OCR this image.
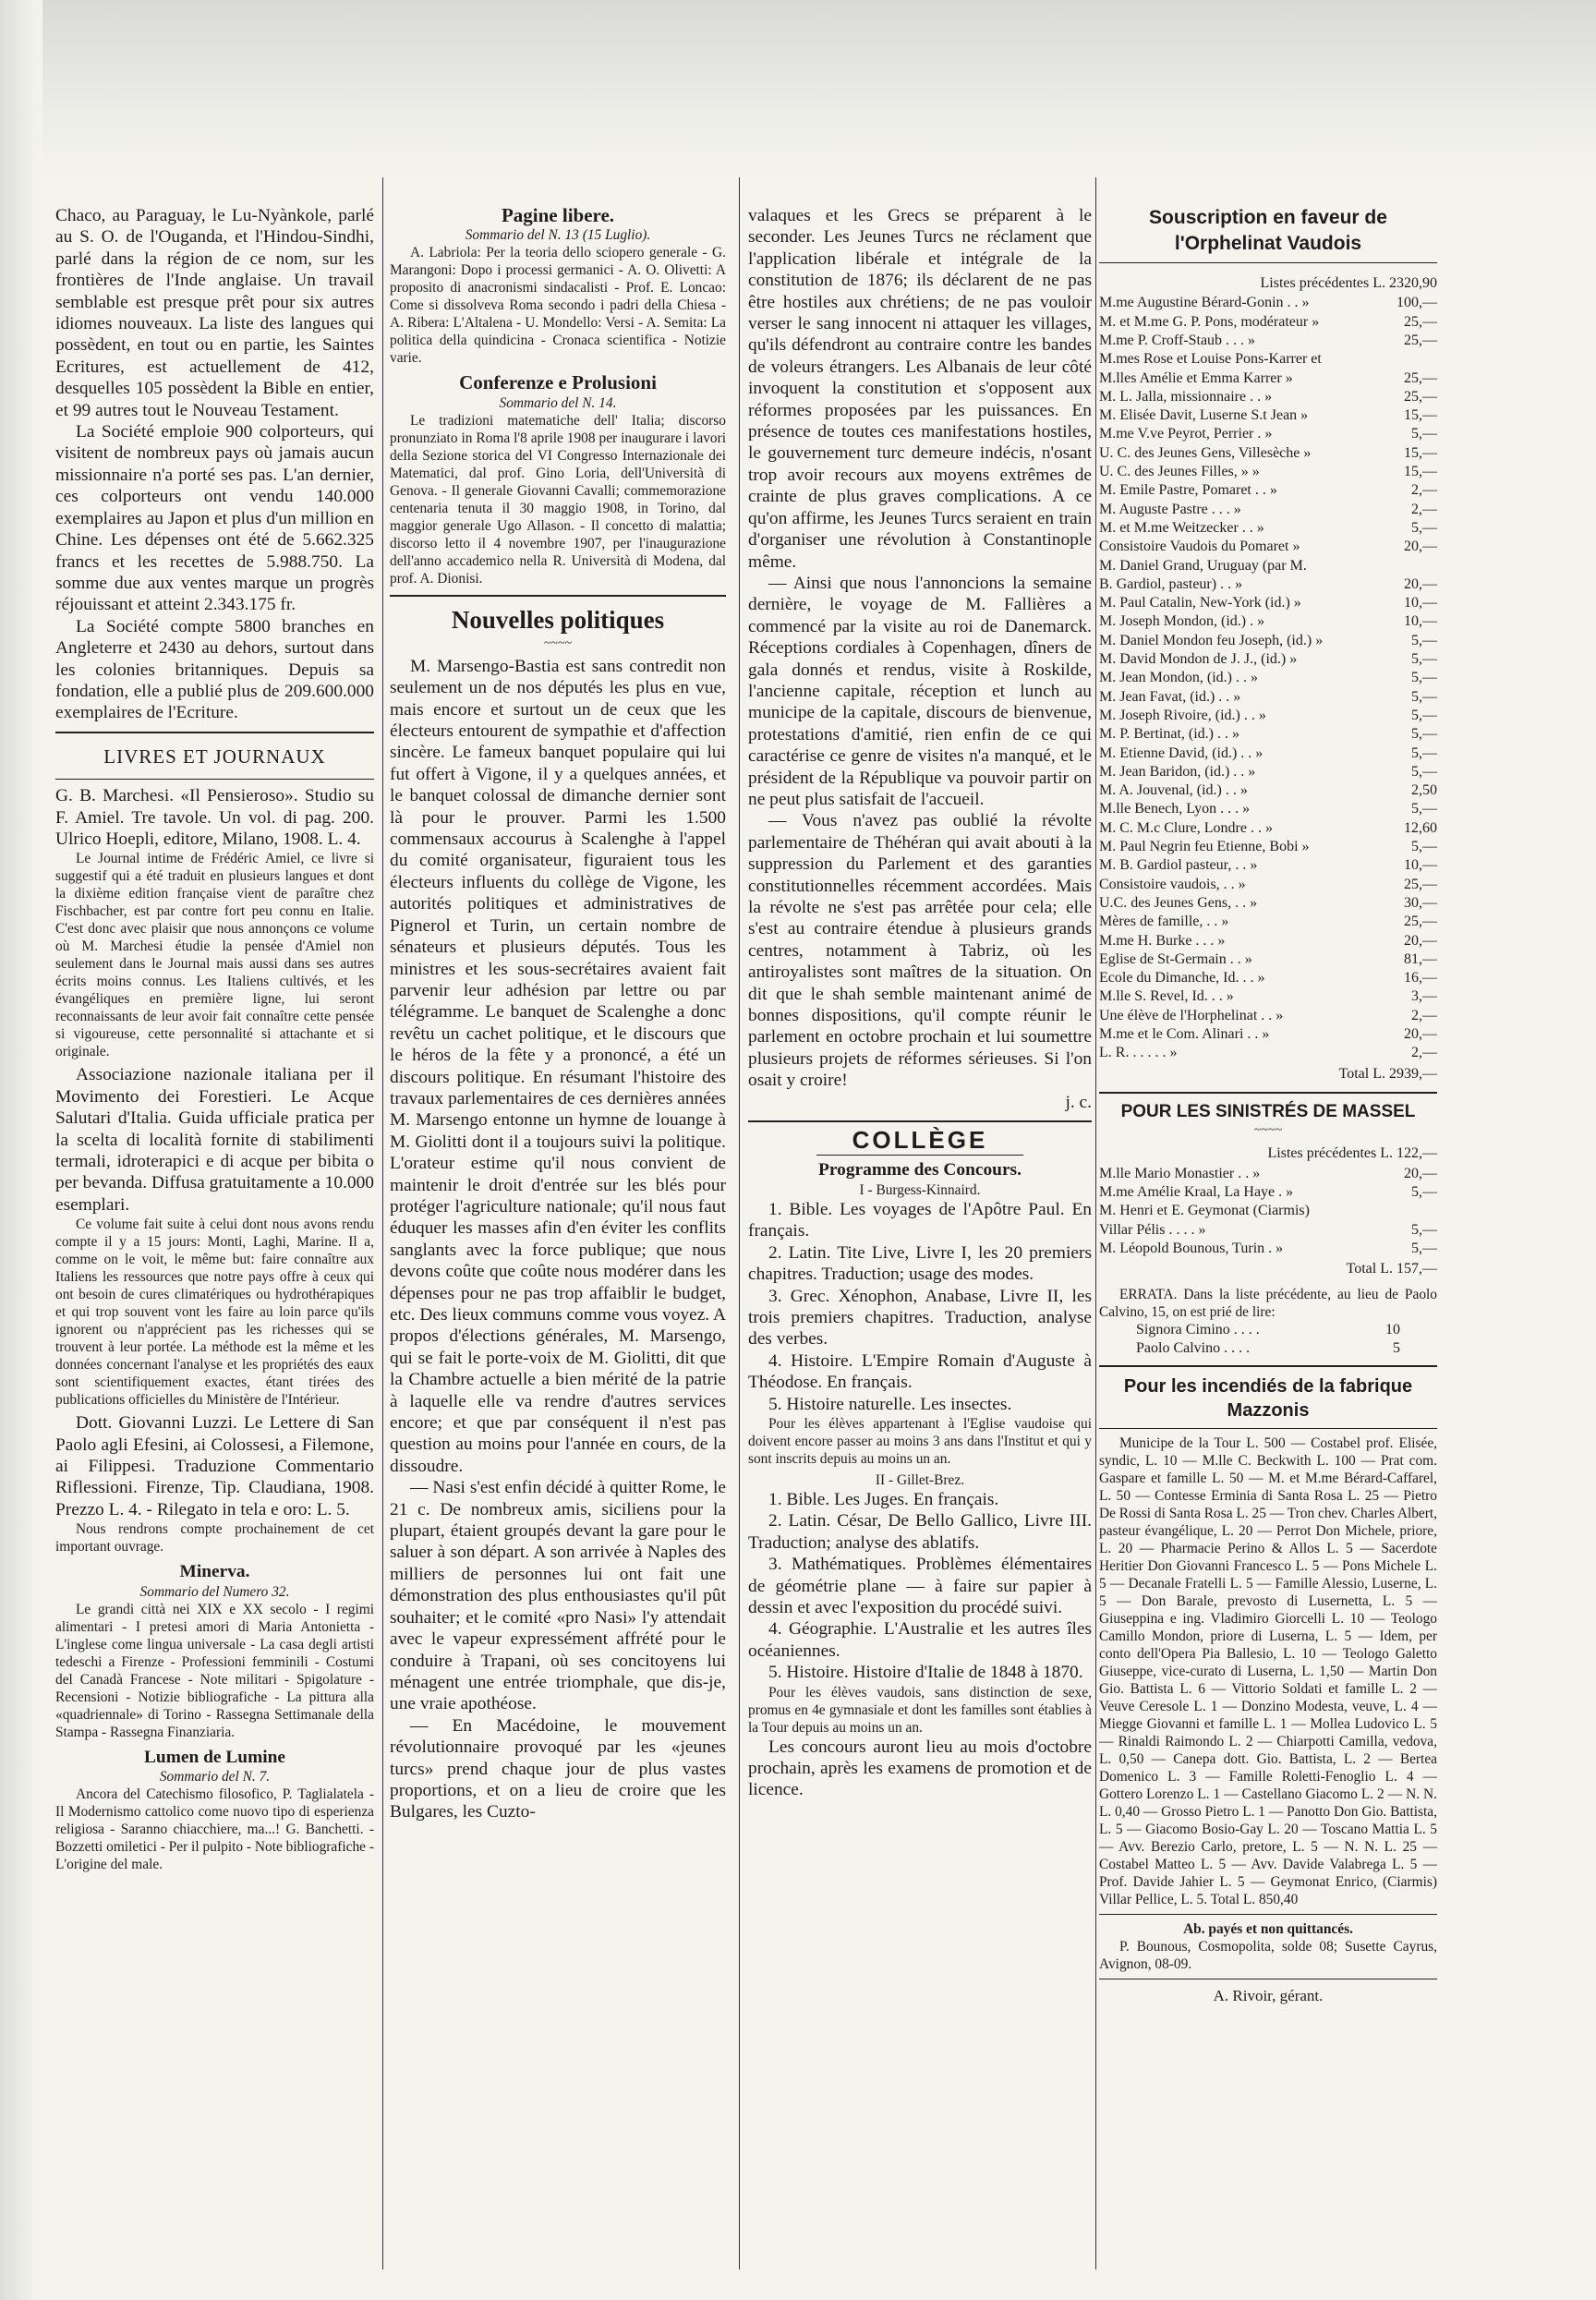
Chaco, au Paraguay, le Lu-Nyànkole, parlé au S. O. de l'Ouganda, et l'Hindou-Sindhi, parlé dans la région de ce nom, sur les frontières de l'Inde anglaise. Un travail semblable est presque prêt pour six autres idiomes nouveaux. La liste des langues qui possèdent, en tout ou en partie, les Saintes Ecritures, est actuellement de 412, desquelles 105 possèdent la Bible en entier, et 99 autres tout le Nouveau Testament.

La Société emploie 900 colporteurs, qui visitent de nombreux pays où jamais aucun missionnaire n'a porté ses pas. L'an dernier, ces colporteurs ont vendu 140.000 exemplaires au Japon et plus d'un million en Chine. Les dépenses ont été de 5.662.325 francs et les recettes de 5.988.750. La somme due aux ventes marque un progrès réjouissant et atteint 2.343.175 fr.

La Société compte 5800 branches en Angleterre et 2430 au dehors, surtout dans les colonies britanniques. Depuis sa fondation, elle a publié plus de 209.600.000 exemplaires de l'Ecriture.

LIVRES ET JOURNAUX

G. B. Marchesi. «Il Pensieroso». Studio su F. Amiel. Tre tavole. Un vol. di pag. 200. Ulrico Hoepli, editore, Milano, 1908. L. 4.

Le Journal intime de Frédéric Amiel, ce livre si suggestif qui a été traduit en plusieurs langues et dont la dixième edition française vient de paraître chez Fischbacher, est par contre fort peu connu en Italie. C'est donc avec plaisir que nous annonçons ce volume où M. Marchesi étudie la pensée d'Amiel non seulement dans le Journal mais aussi dans ses autres écrits moins connus. Les Italiens cultivés, et les évangéliques en première ligne, lui seront reconnaissants de leur avoir fait connaître cette pensée si vigoureuse, cette personnalité si attachante et si originale.

Associazione nazionale italiana per il Movimento dei Forestieri. Le Acque Salutari d'Italia. Guida ufficiale pratica per la scelta di località fornite di stabilimenti termali, idroterapici e di acque per bibita o per bevanda. Diffusa gratuitamente a 10.000 esemplari.

Ce volume fait suite à celui dont nous avons rendu compte il y a 15 jours: Monti, Laghi, Marine. Il a, comme on le voit, le même but: faire connaître aux Italiens les ressources que notre pays offre à ceux qui ont besoin de cures climatériques ou hydrothérapiques et qui trop souvent vont les faire au loin parce qu'ils ignorent ou n'apprécient pas les richesses qui se trouvent à leur portée. La méthode est la même et les données concernant l'analyse et les propriétés des eaux sont scientifiquement exactes, étant tirées des publications officielles du Ministère de l'Intérieur.

Dott. Giovanni Luzzi. Le Lettere di San Paolo agli Efesini, ai Colossesi, a Filemone, ai Filippesi. Traduzione Commentario Riflessioni. Firenze, Tip. Claudiana, 1908. Prezzo L. 4. - Rilegato in tela e oro: L. 5.

Nous rendrons compte prochainement de cet important ouvrage.

Minerva.
Sommario del Numero 32.

Le grandi città nei XIX e XX secolo - I regimi alimentari - I pretesi amori di Maria Antonietta - L'inglese come lingua universale - La casa degli artisti tedeschi a Firenze - Professioni femminili - Costumi del Canadà Francese - Note militari - Spigolature - Recensioni - Notizie bibliografiche - La pittura alla «quadriennale» di Torino - Rassegna Settimanale della Stampa - Rassegna Finanziaria.

Lumen de Lumine
Sommario del N. 7.

Ancora del Catechismo filosofico, P. Taglialatela - Il Modernismo cattolico come nuovo tipo di esperienza religiosa - Saranno chiacchiere, ma...! G. Banchetti. - Bozzetti omiletici - Per il pulpito - Note bibliografiche - L'origine del male.

Pagine libere.
Sommario del N. 13 (15 Luglio).

A. Labriola: Per la teoria dello sciopero generale - G. Marangoni: Dopo i processi germanici - A. O. Olivetti: A proposito di anacronismi sindacalisti - Prof. E. Loncao: Come si dissolveva Roma secondo i padri della Chiesa - A. Ribera: L'Altalena - U. Mondello: Versi - A. Semita: La politica della quindicina - Cronaca scientifica - Notizie varie.

Conferenze e Prolusioni
Sommario del N. 14.

Le tradizioni matematiche dell' Italia; discorso pronunziato in Roma l'8 aprile 1908 per inaugurare i lavori della Sezione storica del VI Congresso Internazionale dei Matematici, dal prof. Gino Loria, dell'Università di Genova. - Il generale Giovanni Cavalli; commemorazione centenaria tenuta il 30 maggio 1908, in Torino, dal maggior generale Ugo Allason. - Il concetto di malattia; discorso letto il 4 novembre 1907, per l'inaugurazione dell'anno accademico nella R. Università di Modena, dal prof. A. Dionisi.

Nouvelles politiques
~~~~

M. Marsengo-Bastia est sans contredit non seulement un de nos députés les plus en vue, mais encore et surtout un de ceux que les électeurs entourent de sympathie et d'affection sincère. Le fameux banquet populaire qui lui fut offert à Vigone, il y a quelques années, et le banquet colossal de dimanche dernier sont là pour le prouver. Parmi les 1.500 commensaux accourus à Scalenghe à l'appel du comité organisateur, figuraient tous les électeurs influents du collège de Vigone, les autorités politiques et administratives de Pignerol et Turin, un certain nombre de sénateurs et plusieurs députés. Tous les ministres et les sous-secrétaires avaient fait parvenir leur adhésion par lettre ou par télégramme. Le banquet de Scalenghe a donc revêtu un cachet politique, et le discours que le héros de la fête y a prononcé, a été un discours politique. En résumant l'histoire des travaux parlementaires de ces dernières années M. Marsengo entonne un hymne de louange à M. Giolitti dont il a toujours suivi la politique. L'orateur estime qu'il nous convient de maintenir le droit d'entrée sur les blés pour protéger l'agriculture nationale; qu'il nous faut éduquer les masses afin d'en éviter les conflits sanglants avec la force publique; que nous devons coûte que coûte nous modérer dans les dépenses pour ne pas trop affaiblir le budget, etc. Des lieux communs comme vous voyez. A propos d'élections générales, M. Marsengo, qui se fait le porte-voix de M. Giolitti, dit que la Chambre actuelle a bien mérité de la patrie à laquelle elle va rendre d'autres services encore; et que par conséquent il n'est pas question au moins pour l'année en cours, de la dissoudre.

— Nasi s'est enfin décidé à quitter Rome, le 21 c. De nombreux amis, siciliens pour la plupart, étaient groupés devant la gare pour le saluer à son départ. A son arrivée à Naples des milliers de personnes lui ont fait une démonstration des plus enthousiastes qu'il pût souhaiter; et le comité «pro Nasi» l'y attendait avec le vapeur expressément affrété pour le conduire à Trapani, où ses concitoyens lui ménagent une entrée triomphale, que dis-je, une vraie apothéose.

— En Macédoine, le mouvement révolutionnaire provoqué par les «jeunes turcs» prend chaque jour de plus vastes proportions, et on a lieu de croire que les Bulgares, les Cuzto-

valaques et les Grecs se préparent à le seconder. Les Jeunes Turcs ne réclament que l'application libérale et intégrale de la constitution de 1876; ils déclarent de ne pas être hostiles aux chrétiens; de ne pas vouloir verser le sang innocent ni attaquer les villages, qu'ils défendront au contraire contre les bandes de voleurs étrangers. Les Albanais de leur côté invoquent la constitution et s'opposent aux réformes proposées par les puissances. En présence de toutes ces manifestations hostiles, le gouvernement turc demeure indécis, n'osant trop avoir recours aux moyens extrêmes de crainte de plus graves complications. A ce qu'on affirme, les Jeunes Turcs seraient en train d'organiser une révolution à Constantinople même.

— Ainsi que nous l'annoncions la semaine dernière, le voyage de M. Fallières a commencé par la visite au roi de Danemarck. Réceptions cordiales à Copenhagen, dîners de gala donnés et rendus, visite à Roskilde, l'ancienne capitale, réception et lunch au municipe de la capitale, discours de bienvenue, protestations d'amitié, rien enfin de ce qui caractérise ce genre de visites n'a manqué, et le président de la République va pouvoir partir on ne peut plus satisfait de l'accueil.

— Vous n'avez pas oublié la révolte parlementaire de Théhéran qui avait abouti à la suppression du Parlement et des garanties constitutionnelles récemment accordées. Mais la révolte ne s'est pas arrêtée pour cela; elle s'est au contraire étendue à plusieurs grands centres, notamment à Tabriz, où les antiroyalistes sont maîtres de la situation. On dit que le shah semble maintenant animé de bonnes dispositions, qu'il compte réunir le parlement en octobre prochain et lui soumettre plusieurs projets de réformes sérieuses. Si l'on osait y croire!

j. c.
COLLÈGE
Programme des Concours.
I - Burgess-Kinnaird.

1. Bible. Les voyages de l'Apôtre Paul. En français.

2. Latin. Tite Live, Livre I, les 20 premiers chapitres. Traduction; usage des modes.

3. Grec. Xénophon, Anabase, Livre II, les trois premiers chapitres. Traduction, analyse des verbes.

4. Histoire. L'Empire Romain d'Auguste à Théodose. En français.

5. Histoire naturelle. Les insectes.

Pour les élèves appartenant à l'Eglise vaudoise qui doivent encore passer au moins 3 ans dans l'Institut et qui y sont inscrits depuis au moins un an.

II - Gillet-Brez.

1. Bible. Les Juges. En français.

2. Latin. César, De Bello Gallico, Livre III. Traduction; analyse des ablatifs.

3. Mathématiques. Problèmes élémentaires de géométrie plane — à faire sur papier à dessin et avec l'exposition du procédé suivi.

4. Géographie. L'Australie et les autres îles océaniennes.

5. Histoire. Histoire d'Italie de 1848 à 1870.

Pour les élèves vaudois, sans distinction de sexe, promus en 4e gymnasiale et dont les familles sont établies à la Tour depuis au moins un an.

Les concours auront lieu au mois d'octobre prochain, après les examens de promotion et de licence.

Souscription en faveur de l'Orphelinat Vaudois
Listes précédentes L. 2320,90
M.me Augustine Bérard-Gonin . . »	100,—
M. et M.me G. P. Pons, modérateur »	25,—
M.me P. Croff-Staub . . . »	25,—
M.mes Rose et Louise Pons-Karrer et
M.lles Amélie et Emma Karrer »	25,—
M. L. Jalla, missionnaire . . »	25,—
M. Elisée Davit, Luserne S.t Jean »	15,—
M.me V.ve Peyrot, Perrier . »	5,—
U. C. des Jeunes Gens, Villesèche »	15,—
U. C. des Jeunes Filles, » »	15,—
M. Emile Pastre, Pomaret . . »	2,—
M. Auguste Pastre . . . »	2,—
M. et M.me Weitzecker . . »	5,—
Consistoire Vaudois du Pomaret »	20,—
M. Daniel Grand, Uruguay (par M.
B. Gardiol, pasteur) . . »	20,—
M. Paul Catalin, New-York (id.) »	10,—
M. Joseph Mondon, (id.) . »	10,—
M. Daniel Mondon feu Joseph, (id.) »	5,—
M. David Mondon de J. J., (id.) »	5,—
M. Jean Mondon, (id.) . . »	5,—
M. Jean Favat, (id.) . . »	5,—
M. Joseph Rivoire, (id.) . . »	5,—
M. P. Bertinat, (id.) . . »	5,—
M. Etienne David, (id.) . . »	5,—
M. Jean Baridon, (id.) . . »	5,—
M. A. Jouvenal, (id.) . . »	2,50
M.lle Benech, Lyon . . . »	5,—
M. C. M.c Clure, Londre . . »	12,60
M. Paul Negrin feu Etienne, Bobi »	5,—
M. B. Gardiol pasteur, . . »	10,—
Consistoire vaudois, . . »	25,—
U.C. des Jeunes Gens, . . »	30,—
Mères de famille, . . »	25,—
M.me H. Burke . . . »	20,—
Eglise de St-Germain . . »	81,—
Ecole du Dimanche, Id. . . »	16,—
M.lle S. Revel, Id. . . »	3,—
Une élève de l'Horphelinat . . »	2,—
M.me et le Com. Alinari . . »	20,—
L. R. . . . . . »	2,—
Total L. 2939,—
POUR LES SINISTRÉS DE MASSEL
~~~~
Listes précédentes L. 122,—
M.lle Mario Monastier . . »	20,—
M.me Amélie Kraal, La Haye . »	5,—
M. Henri et E. Geymonat (Ciarmis)
Villar Pélis . . . . »	5,—
M. Léopold Bounous, Turin . »	5,—
Total L. 157,—

ERRATA. Dans la liste précédente, au lieu de Paolo Calvino, 15, on est prié de lire:

Signora Cimino . . . .	10
Paolo Calvino . . . .	5
Pour les incendiés de la fabrique Mazzonis

Municipe de la Tour L. 500 — Costabel prof. Elisée, syndic, L. 10 — M.lle C. Beckwith L. 100 — Prat com. Gaspare et famille L. 50 — M. et M.me Bérard-Caffarel, L. 50 — Contesse Erminia di Santa Rosa L. 25 — Pietro De Rossi di Santa Rosa L. 25 — Tron chev. Charles Albert, pasteur évangélique, L. 20 — Perrot Don Michele, priore, L. 20 — Pharmacie Perino & Allos L. 5 — Sacerdote Heritier Don Giovanni Francesco L. 5 — Pons Michele L. 5 — Decanale Fratelli L. 5 — Famille Alessio, Luserne, L. 5 — Don Barale, prevosto di Lusernetta, L. 5 — Giuseppina e ing. Vladimiro Giorcelli L. 10 — Teologo Camillo Mondon, priore di Luserna, L. 5 — Idem, per conto dell'Opera Pia Ballesio, L. 10 — Teologo Galetto Giuseppe, vice-curato di Luserna, L. 1,50 — Martin Don Gio. Battista L. 6 — Vittorio Soldati et famille L. 2 — Veuve Ceresole L. 1 — Donzino Modesta, veuve, L. 4 — Miegge Giovanni et famille L. 1 — Mollea Ludovico L. 5 — Rinaldi Raimondo L. 2 — Chiarpotti Camilla, vedova, L. 0,50 — Canepa dott. Gio. Battista, L. 2 — Bertea Domenico L. 3 — Famille Roletti-Fenoglio L. 4 — Gottero Lorenzo L. 1 — Castellano Giacomo L. 2 — N. N. L. 0,40 — Grosso Pietro L. 1 — Panotto Don Gio. Battista, L. 5 — Giacomo Bosio-Gay L. 20 — Toscano Mattia L. 5 — Avv. Berezio Carlo, pretore, L. 5 — N. N. L. 25 — Costabel Matteo L. 5 — Avv. Davide Valabrega L. 5 — Prof. Davide Jahier L. 5 — Geymonat Enrico, (Ciarmis) Villar Pellice, L. 5. Total L. 850,40

Ab. payés et non quittancés.

P. Bounous, Cosmopolita, solde 08; Susette Cayrus, Avignon, 08-09.

A. Rivoir, gérant.
